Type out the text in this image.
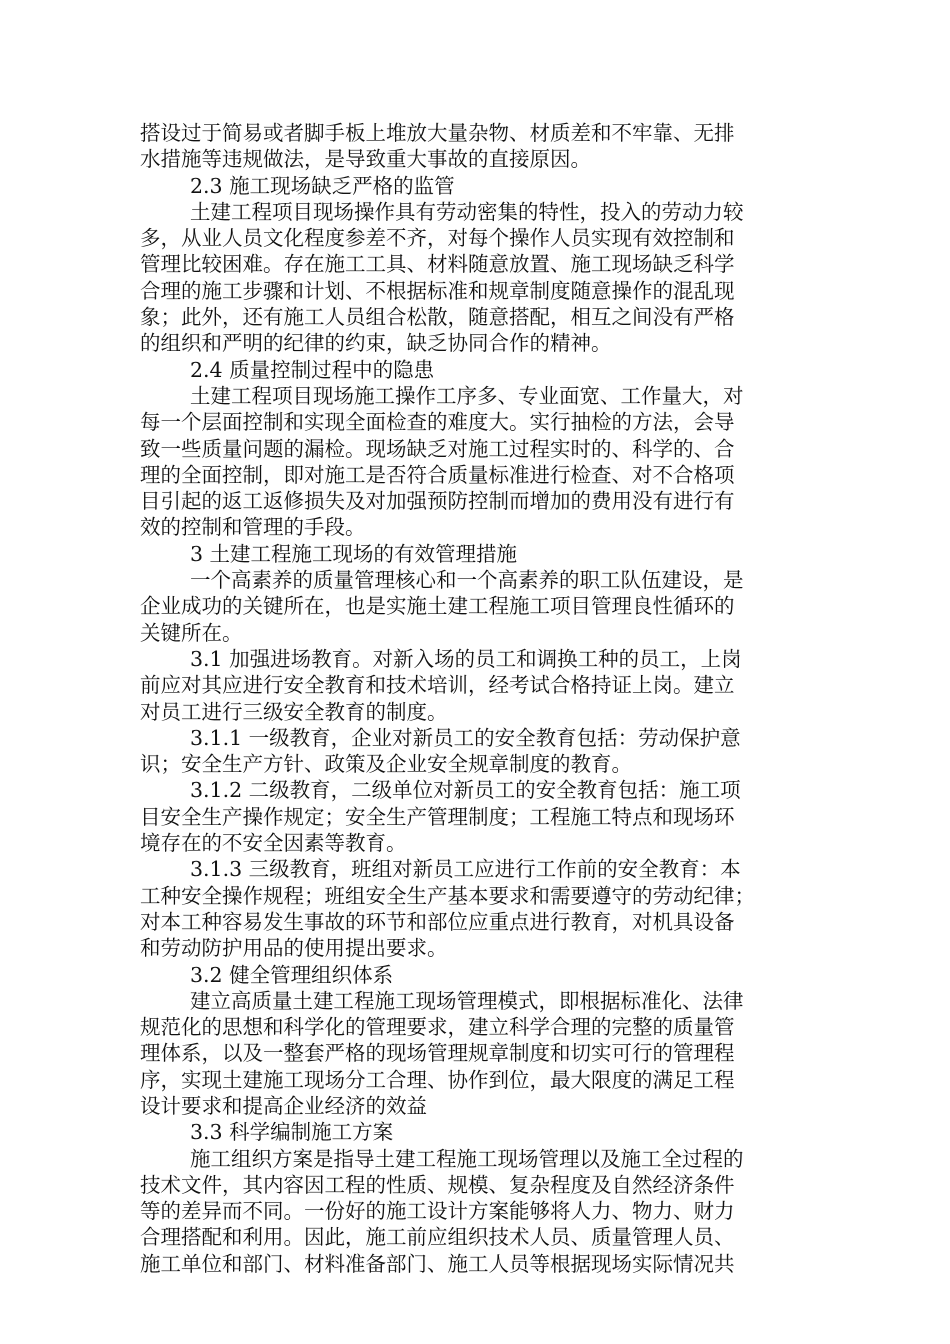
搭设过于简易或者脚手板上堆放大量杂物、材质差和不牢靠、无排
水措施等违规做法，是导致重大事故的直接原因。
2.3 施工现场缺乏严格的监管
土建工程项目现场操作具有劳动密集的特性，投入的劳动力较
多，从业人员文化程度参差不齐，对每个操作人员实现有效控制和
管理比较困难。存在施工工具、材料随意放置、施工现场缺乏科学
合理的施工步骤和计划、不根据标准和规章制度随意操作的混乱现
象；此外，还有施工人员组合松散，随意搭配，相互之间没有严格
的组织和严明的纪律的约束，缺乏协同合作的精神。
2.4 质量控制过程中的隐患
土建工程项目现场施工操作工序多、专业面宽、工作量大，对
每一个层面控制和实现全面检查的难度大。实行抽检的方法，会导
致一些质量问题的漏检。现场缺乏对施工过程实时的、科学的、合
理的全面控制，即对施工是否符合质量标准进行检查、对不合格项
目引起的返工返修损失及对加强预防控制而增加的费用没有进行有
效的控制和管理的手段。
3 土建工程施工现场的有效管理措施
一个高素养的质量管理核心和一个高素养的职工队伍建设，是
企业成功的关键所在，也是实施土建工程施工项目管理良性循环的
关键所在。
3.1 加强进场教育。对新入场的员工和调换工种的员工，上岗
前应对其应进行安全教育和技术培训，经考试合格持证上岗。建立
对员工进行三级安全教育的制度。
3.1.1 一级教育，企业对新员工的安全教育包括：劳动保护意
识；安全生产方针、政策及企业安全规章制度的教育。
3.1.2 二级教育，二级单位对新员工的安全教育包括：施工项
目安全生产操作规定；安全生产管理制度；工程施工特点和现场环
境存在的不安全因素等教育。
3.1.3 三级教育，班组对新员工应进行工作前的安全教育：本
工种安全操作规程；班组安全生产基本要求和需要遵守的劳动纪律；
对本工种容易发生事故的环节和部位应重点进行教育，对机具设备
和劳动防护用品的使用提出要求。
3.2 健全管理组织体系
建立高质量土建工程施工现场管理模式，即根据标准化、法律
规范化的思想和科学化的管理要求，建立科学合理的完整的质量管
理体系，以及一整套严格的现场管理规章制度和切实可行的管理程
序，实现土建施工现场分工合理、协作到位，最大限度的满足工程
设计要求和提高企业经济的效益
3.3 科学编制施工方案
施工组织方案是指导土建工程施工现场管理以及施工全过程的
技术文件，其内容因工程的性质、规模、复杂程度及自然经济条件
等的差异而不同。一份好的施工设计方案能够将人力、物力、财力
合理搭配和利用。因此，施工前应组织技术人员、质量管理人员、
施工单位和部门、材料准备部门、施工人员等根据现场实际情况共
